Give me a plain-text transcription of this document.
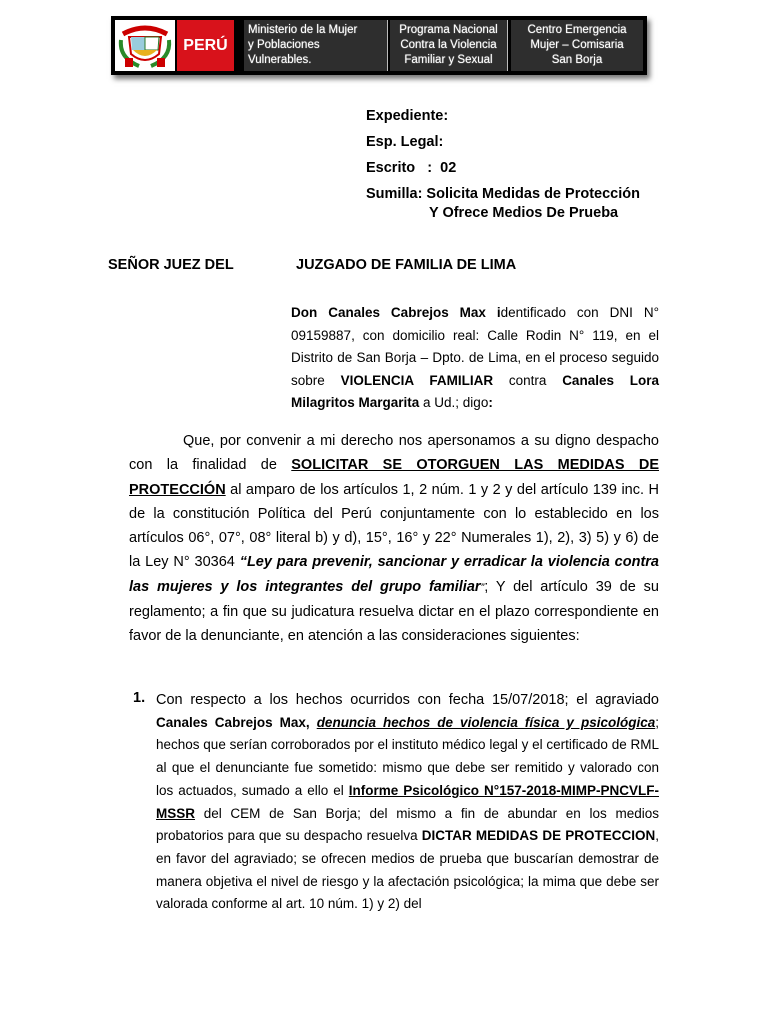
PERÚ
Ministerio de la Mujer
y Poblaciones
Vulnerables.
Programa Nacional
Contra la Violencia
Familiar y Sexual
Centro Emergencia
Mujer – Comisaria
San Borja
Expediente:
Esp. Legal:
Escrito   :  02
Sumilla: Solicita Medidas de Protección
Y Ofrece Medios De Prueba
SEÑOR JUEZ DEL	JUZGADO DE FAMILIA DE LIMA

Don Canales Cabrejos Max identificado con DNI N° 09159887, con domicilio real: Calle Rodin N° 119, en el Distrito de San Borja – Dpto. de Lima, en el proceso seguido sobre VIOLENCIA FAMILIAR contra Canales Lora Milagritos Margarita a Ud.; digo:

Que, por convenir a mi derecho nos apersonamos a su digno despacho con la finalidad de SOLICITAR SE OTORGUEN LAS MEDIDAS DE PROTECCIÓN al amparo de los artículos 1, 2 núm. 1 y 2 y del artículo 139 inc. H de la constitución Política del Perú conjuntamente con lo establecido en los artículos 06°, 07°, 08° literal b) y d), 15°, 16° y 22° Numerales 1), 2), 3) 5) y 6) de la Ley N° 30364 “Ley para prevenir, sancionar y erradicar la violencia contra las mujeres y los integrantes del grupo familiar”; Y del artículo 39 de su reglamento; a fin que su judicatura resuelva dictar en el plazo correspondiente en favor de la denunciante, en atención a las consideraciones siguientes:

1. Con respecto a los hechos ocurridos con fecha 15/07/2018; el agraviado Canales Cabrejos Max, denuncia hechos de violencia física y psicológica; hechos que serían corroborados por el instituto médico legal y el certificado de RML al que el denunciante fue sometido: mismo que debe ser remitido y valorado con los actuados, sumado a ello el Informe Psicológico N°157-2018-MIMP-PNCVLF-MSSR del CEM de San Borja; del mismo a fin de abundar en los medios probatorios para que su despacho resuelva DICTAR MEDIDAS DE PROTECCION, en favor del agraviado; se ofrecen medios de prueba que buscarían demostrar de manera objetiva el nivel de riesgo y la afectación psicológica; la mima que debe ser valorada conforme al art. 10 núm. 1) y 2) del
